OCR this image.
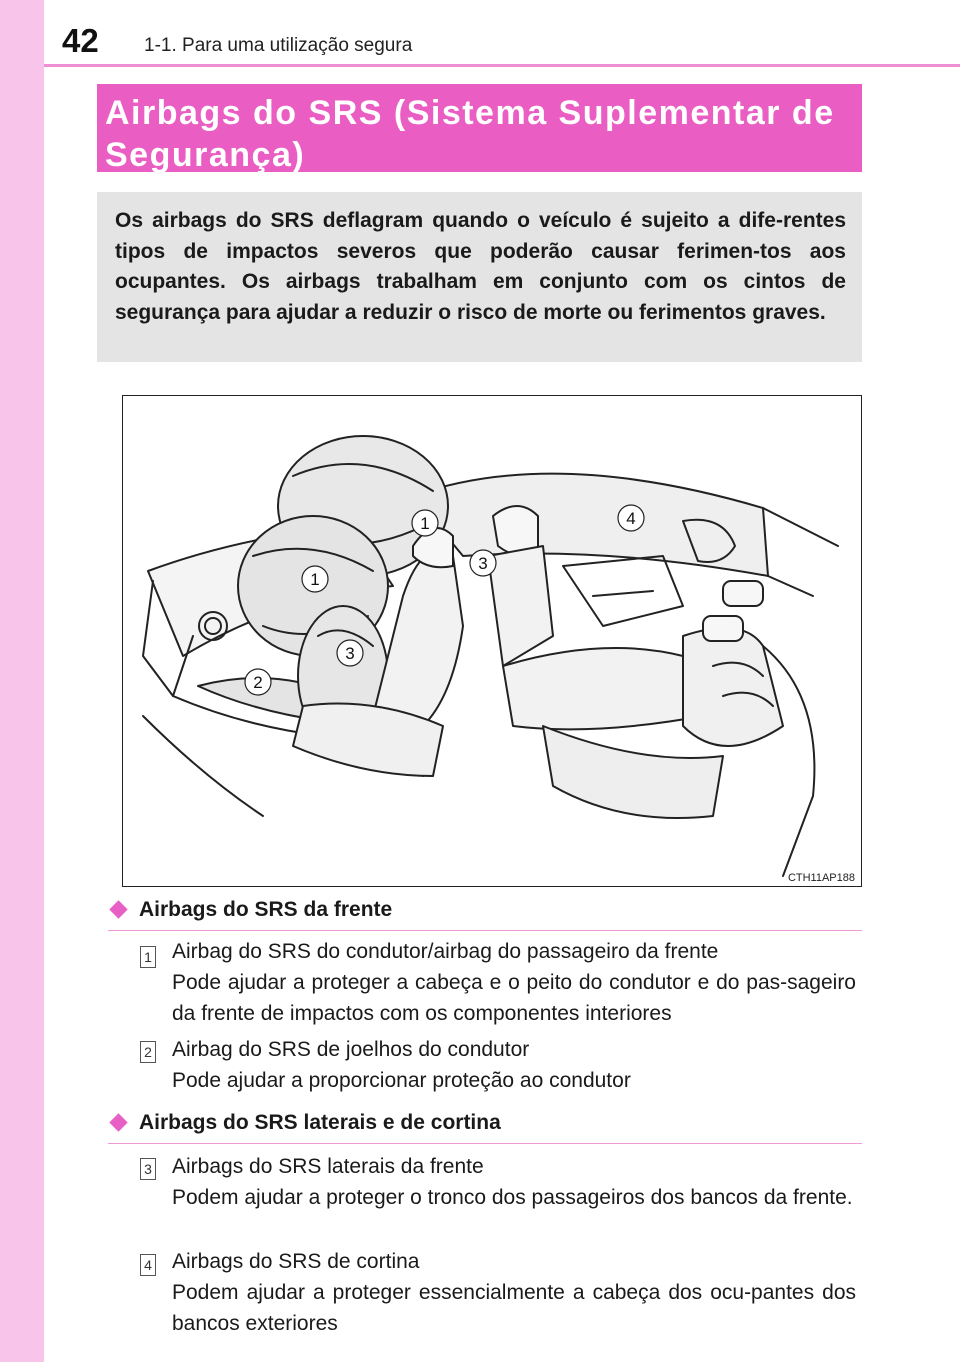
42 1-1. Para uma utilização segura
Airbags do SRS (Sistema Suplementar de Segurança)
Os airbags do SRS deflagram quando o veículo é sujeito a dife-rentes tipos de impactos severos que poderão causar ferimen-tos aos ocupantes. Os airbags trabalham em conjunto com os cintos de segurança para ajudar a reduzir o risco de morte ou ferimentos graves.
1
1
2
3
3
4
CTH11AP188
Airbags do SRS da frente
1 Airbag do SRS do condutor/airbag do passageiro da frente

Pode ajudar a proteger a cabeça e o peito do condutor e do pas-sageiro da frente de impactos com os componentes interiores

2 Airbag do SRS de joelhos do condutor

Pode ajudar a proporcionar proteção ao condutor

Airbags do SRS laterais e de cortina
3 Airbags do SRS laterais da frente

Podem ajudar a proteger o tronco dos passageiros dos bancos da frente.

4 Airbags do SRS de cortina

Podem ajudar a proteger essencialmente a cabeça dos ocu-pantes dos bancos exteriores
